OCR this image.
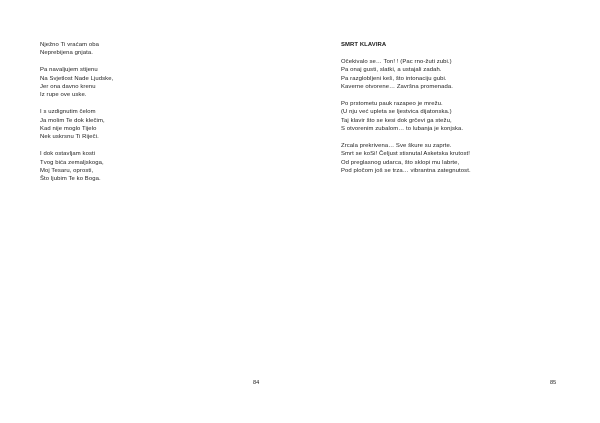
Nježno Ti vraćam oba
Neprebijena gnjata.
Pa navaljujem stijenu
Na Svjetlost Nade Ljudske,
Jer ona davno krenu
Iz rupe ove uske.
I s uzdignutim čelom
Ja molim Te dok klečim,
Kad nije moglo Tijelo
Nek uskrsnu Ti Riječi.
I dok ostavljam kosti
Tvog bića zemaljskoga,
Moj Tesaru, oprosti,
Što ljubim Te ko Boga.
84
SMRT KLAVIRA
Očekivalo se… Ton! ! (Pac rno-žuti zubi.)
Pa onaj gusti, slatki, a ustajali zadah.
Pa razglobljeni keš, što intonaciju gubi.
Kaverne otvorene… Završna promenada.
Po prstometu pauk razapeo je mrežu.
(U nju već upleta se ljestvica dijatonska.)
Taj klavir što se kesi dok grčevi ga stežu,
S otvorenim zubalom… to lubanja je konjska.
Zrcala prekrivena… Sve škure su zaprte.
Smrt se koSi! Čeljust stisnutal Asketska krutost!
Od preglasnog udarca, što sklopi mu labrte,
Pod pločom još se trza… vibrantna zategnutost.
85
